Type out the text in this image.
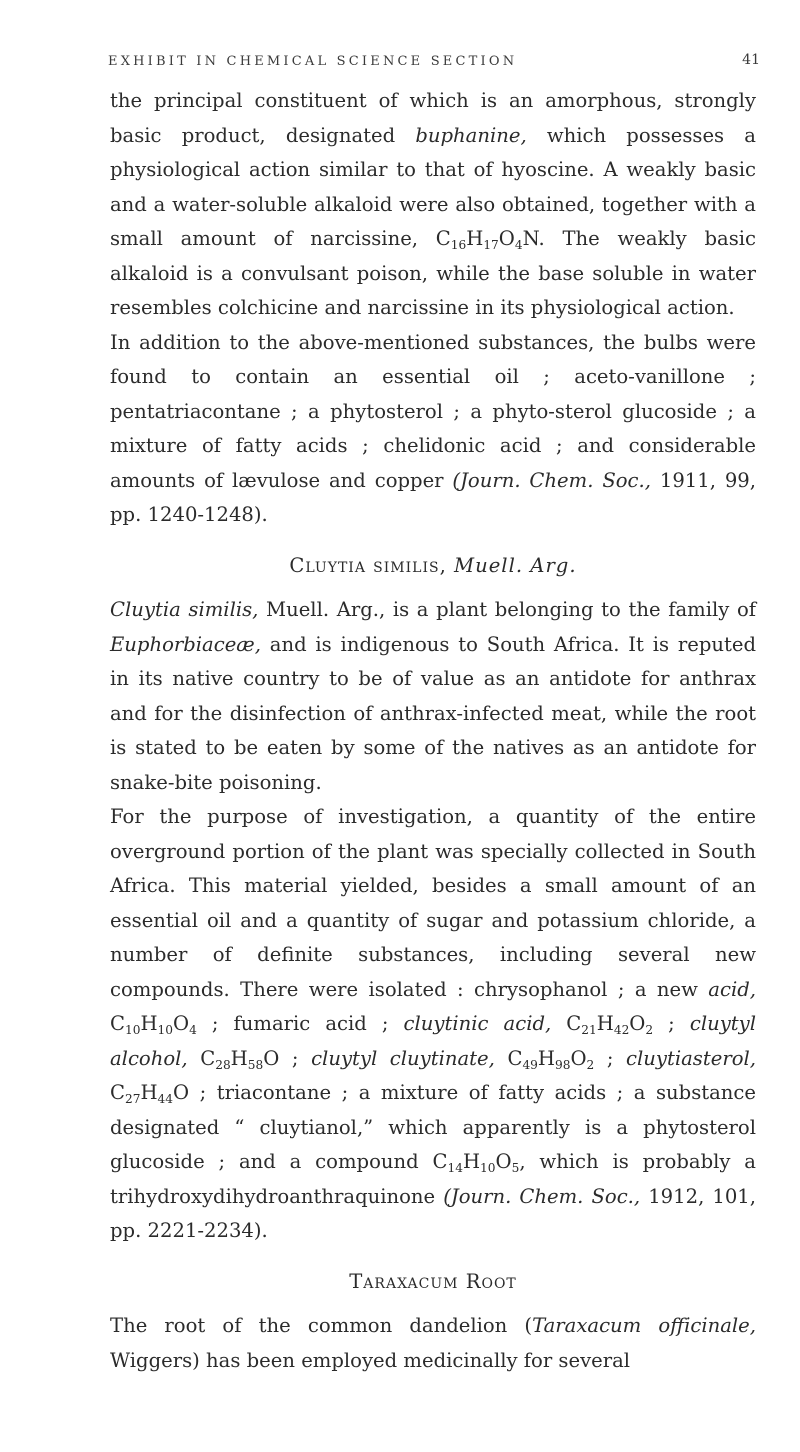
EXHIBIT IN CHEMICAL SCIENCE SECTION	41

the principal constituent of which is an amorphous, strongly basic product, designated buphanine, which possesses a physiological action similar to that of hyoscine. A weakly basic and a water-soluble alkaloid were also obtained, together with a small amount of narcissine, $C_{16}H_{17}O_4N$. The weakly basic alkaloid is a convulsant poison, while the base soluble in water resembles colchicine and narcissine in its physiological action.

In addition to the above-mentioned substances, the bulbs were found to contain an essential oil ; aceto-vanillone ; pentatriacontane ; a phytosterol ; a phyto-sterol glucoside ; a mixture of fatty acids ; chelidonic acid ; and considerable amounts of lævulose and copper (Journ. Chem. Soc., 1911, 99, pp. 1240-1248).

Cluytia similis, Muell. Arg.

Cluytia similis, Muell. Arg., is a plant belonging to the family of Euphorbiaceæ, and is indigenous to South Africa. It is reputed in its native country to be of value as an antidote for anthrax and for the disinfection of anthrax-infected meat, while the root is stated to be eaten by some of the natives as an antidote for snake-bite poisoning.

For the purpose of investigation, a quantity of the entire overground portion of the plant was specially collected in South Africa. This material yielded, besides a small amount of an essential oil and a quantity of sugar and potassium chloride, a number of definite substances, including several new compounds. There were isolated : chrysophanol ; a new acid, $C_{10}H_{10}O_4$ ; fumaric acid ; cluytinic acid, $C_{21}H_{42}O_2$ ; cluytyl alcohol, $C_{28}H_{58}O$ ; cluytyl cluytinate, $C_{49}H_{98}O_2$ ; cluytiasterol, $C_{27}H_{44}O$ ; triacontane ; a mixture of fatty acids ; a substance designated “ cluytianol,” which apparently is a phytosterol glucoside ; and a compound $C_{14}H_{10}O_5$, which is probably a trihydroxydihydroanthraquinone (Journ. Chem. Soc., 1912, 101, pp. 2221-2234).

Taraxacum Root

The root of the common dandelion (Taraxacum officinale, Wiggers) has been employed medicinally for several
